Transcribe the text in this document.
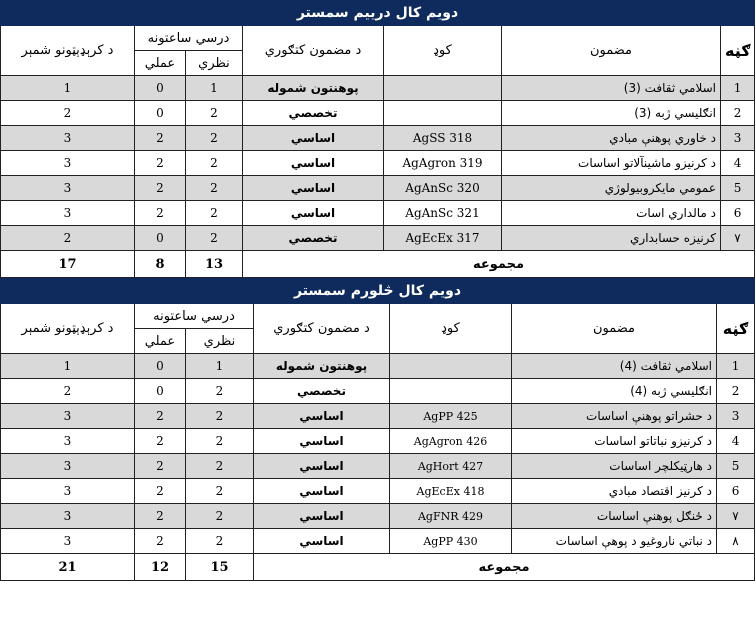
دويم کال دريیم سمستر						
د کرېډېټونو شمېر	درسي ساعتونه		د مضمون کتګوري	کوډ	مضمون	ګڼه
	عملي	نظري				
1	0	1	پوهنتون شموله		اسلامي ثقافت (3)	1
2	0	2	تخصصي		انګلیسي ژبه (3)	2
3	2	2	اساسي	AgSS 318	د خاوري پوهنې مبادي	3
3	2	2	اساسي	AgAgron 319	د کرنیزو ماشینآلاتو اساسات	4
3	2	2	اساسي	AgAnSc 320	عمومي مایکروبیولوژي	5
3	2	2	اساسي	AgAnSc 321	د مالداري اسات	6
2	0	2	تخصصي	AgEcEx 317	کرنیزه حسابداري	۷
17	8	13	مجموعه			
دويم کال څلورم سمستر						
د کرېډېټونو شمېر	درسي ساعتونه		د مضمون کتګوري	کوډ	مضمون	ګڼه
	عملي	نظري				
1	0	1	پوهنتون شموله		اسلامي ثقافت (4)	1
2	0	2	تخصصي		انګلیسي ژبه (4)	2
3	2	2	اساسي	AgPP 425	د حشراتو پوهنې اساسات	3
3	2	2	اساسي	AgAgron 426	د کرنیزو نباتاتو اساسات	4
3	2	2	اساسي	AgHort 427	د هارټیکلچر اساسات	5
3	2	2	اساسي	AgEcEx 418	د کرنیز اقتصاد مبادي	6
3	2	2	اساسي	AgFNR 429	د ځنګل پوهنې اساسات	۷
3	2	2	اساسي	AgPP 430	د نباتي ناروغیو د پوهې اساسات	۸
21	12	15	مجموعه			
